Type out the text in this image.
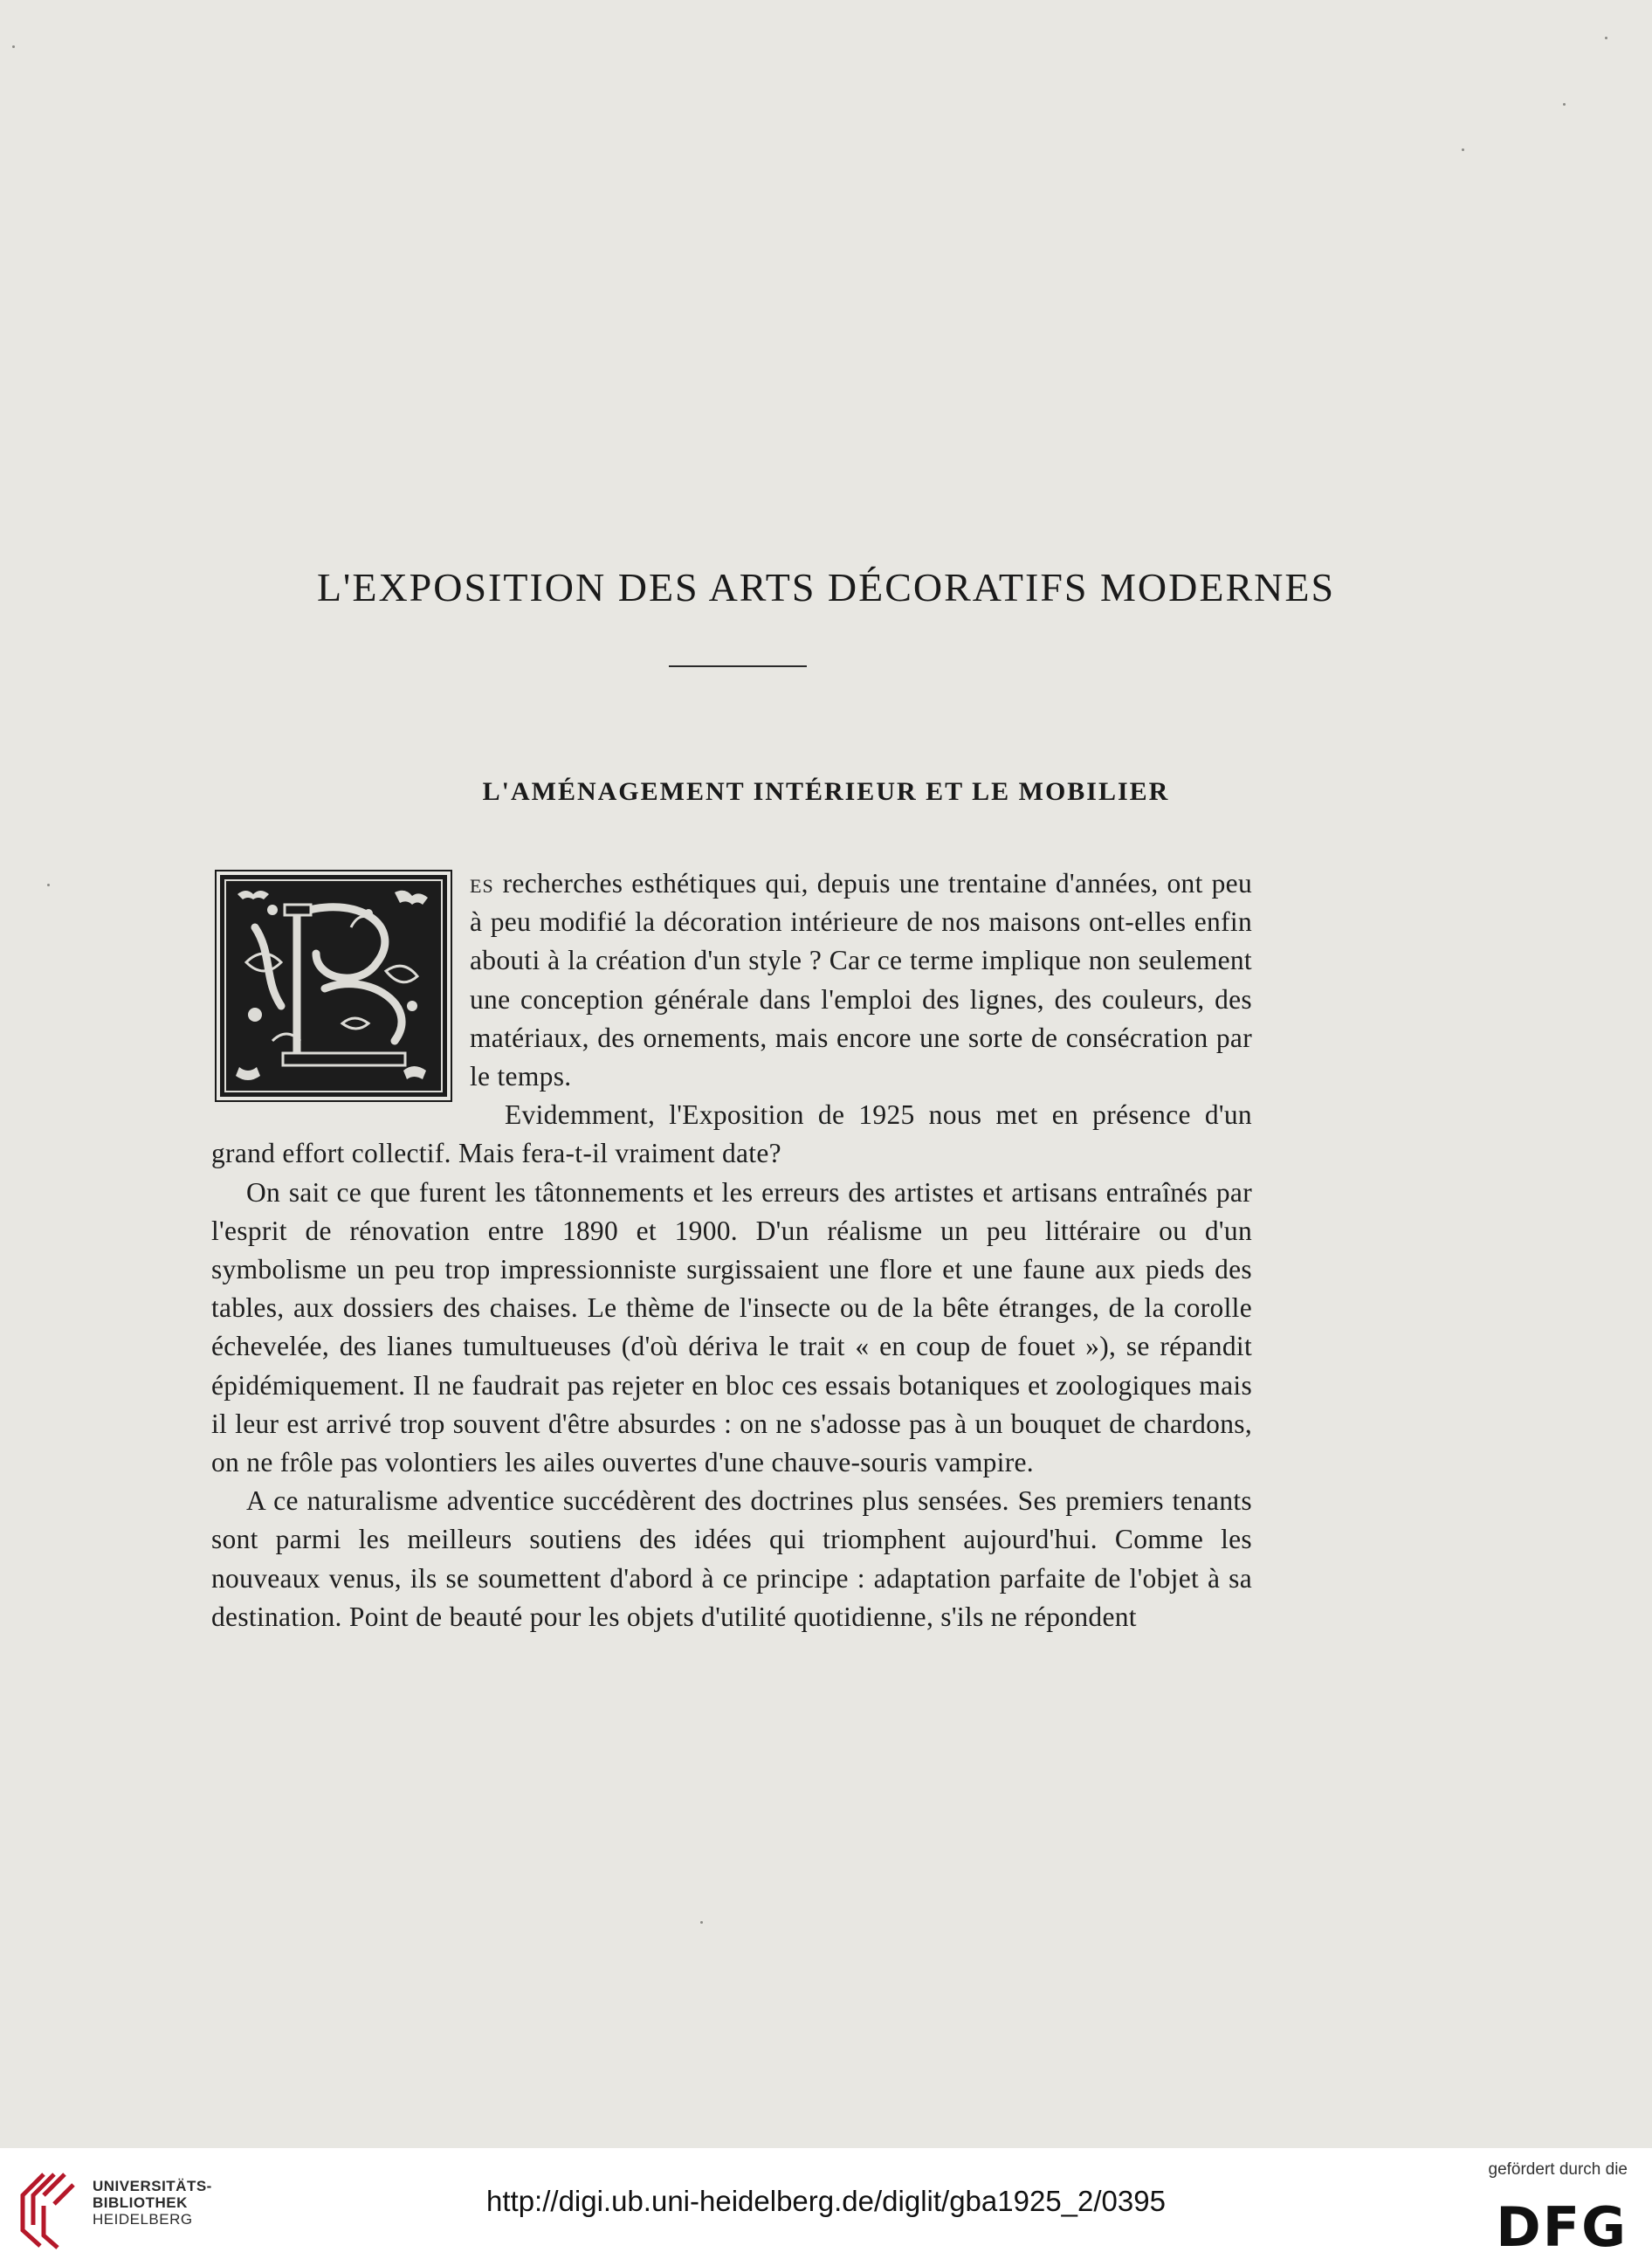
L'EXPOSITION DES ARTS DÉCORATIFS MODERNES
L'AMÉNAGEMENT INTÉRIEUR ET LE MOBILIER

es recherches esthétiques qui, depuis une trentaine d'années, ont peu à peu modifié la décoration intérieure de nos maisons ont-elles enfin abouti à la création d'un style ? Car ce terme implique non seulement une conception générale dans l'emploi des lignes, des couleurs, des matériaux, des ornements, mais encore une sorte de consécration par le temps.

Evidemment, l'Exposition de 1925 nous met en présence d'un grand effort collectif. Mais fera-t-il vraiment date?

On sait ce que furent les tâtonnements et les erreurs des artistes et artisans entraînés par l'esprit de rénovation entre 1890 et 1900. D'un réalisme un peu littéraire ou d'un symbolisme un peu trop impressionniste surgissaient une flore et une faune aux pieds des tables, aux dossiers des chaises. Le thème de l'insecte ou de la bête étranges, de la corolle échevelée, des lianes tumultueuses (d'où dériva le trait « en coup de fouet »), se répandit épidémiquement. Il ne faudrait pas rejeter en bloc ces essais botaniques et zoologiques mais il leur est arrivé trop souvent d'être absurdes : on ne s'adosse pas à un bouquet de chardons, on ne frôle pas volontiers les ailes ouvertes d'une chauve-souris vampire.

A ce naturalisme adventice succédèrent des doctrines plus sensées. Ses premiers tenants sont parmi les meilleurs soutiens des idées qui triomphent aujourd'hui. Comme les nouveaux venus, ils se soumettent d'abord à ce principe : adaptation parfaite de l'objet à sa destination. Point de beauté pour les objets d'utilité quotidienne, s'ils ne répondent

UNIVERSITÄTS-
BIBLIOTHEK
HEIDELBERG
http://digi.ub.uni-heidelberg.de/diglit/gba1925_2/0395
gefördert durch die
DFG
